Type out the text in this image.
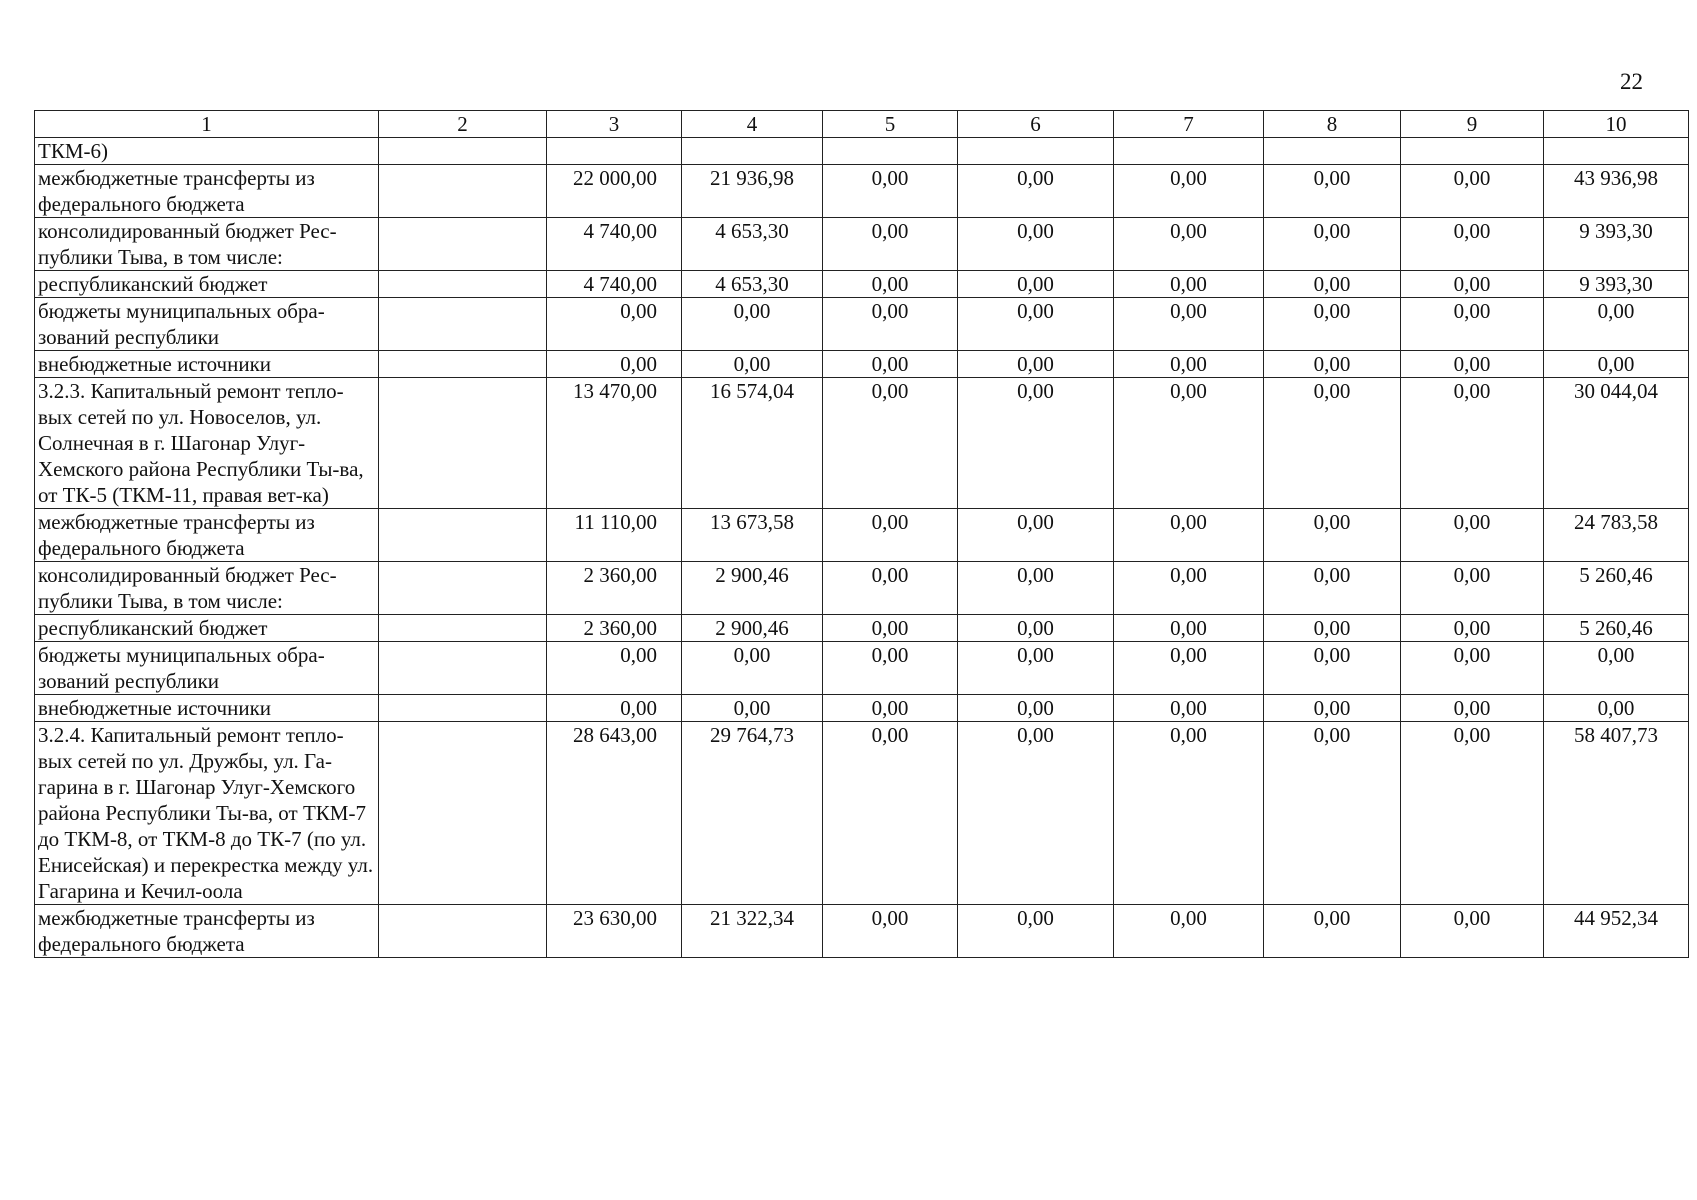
22
1	2	3	4	5	6	7	8	9	10
ТКМ-6)									
межбюджетные трансферты из федерального бюджета		22 000,00	21 936,98	0,00	0,00	0,00	0,00	0,00	43 936,98
консолидированный бюджет Рес-публики Тыва, в том числе:		4 740,00	4 653,30	0,00	0,00	0,00	0,00	0,00	9 393,30
республиканский бюджет		4 740,00	4 653,30	0,00	0,00	0,00	0,00	0,00	9 393,30
бюджеты муниципальных обра-зований республики		0,00	0,00	0,00	0,00	0,00	0,00	0,00	0,00
внебюджетные источники		0,00	0,00	0,00	0,00	0,00	0,00	0,00	0,00
3.2.3. Капитальный ремонт тепло-вых сетей по ул. Новоселов, ул. Солнечная в г. Шагонар Улуг-Хемского района Республики Ты-ва, от ТК-5 (ТКМ-11, правая вет-ка)		13 470,00	16 574,04	0,00	0,00	0,00	0,00	0,00	30 044,04
межбюджетные трансферты из федерального бюджета		11 110,00	13 673,58	0,00	0,00	0,00	0,00	0,00	24 783,58
консолидированный бюджет Рес-публики Тыва, в том числе:		2 360,00	2 900,46	0,00	0,00	0,00	0,00	0,00	5 260,46
республиканский бюджет		2 360,00	2 900,46	0,00	0,00	0,00	0,00	0,00	5 260,46
бюджеты муниципальных обра-зований республики		0,00	0,00	0,00	0,00	0,00	0,00	0,00	0,00
внебюджетные источники		0,00	0,00	0,00	0,00	0,00	0,00	0,00	0,00
3.2.4. Капитальный ремонт тепло-вых сетей по ул. Дружбы, ул. Га-гарина в г. Шагонар Улуг-Хемского района Республики Ты-ва, от ТКМ-7 до ТКМ-8, от ТКМ-8 до ТК-7 (по ул. Енисейская) и перекрестка между ул. Гагарина и Кечил-оола		28 643,00	29 764,73	0,00	0,00	0,00	0,00	0,00	58 407,73
межбюджетные трансферты из федерального бюджета		23 630,00	21 322,34	0,00	0,00	0,00	0,00	0,00	44 952,34
